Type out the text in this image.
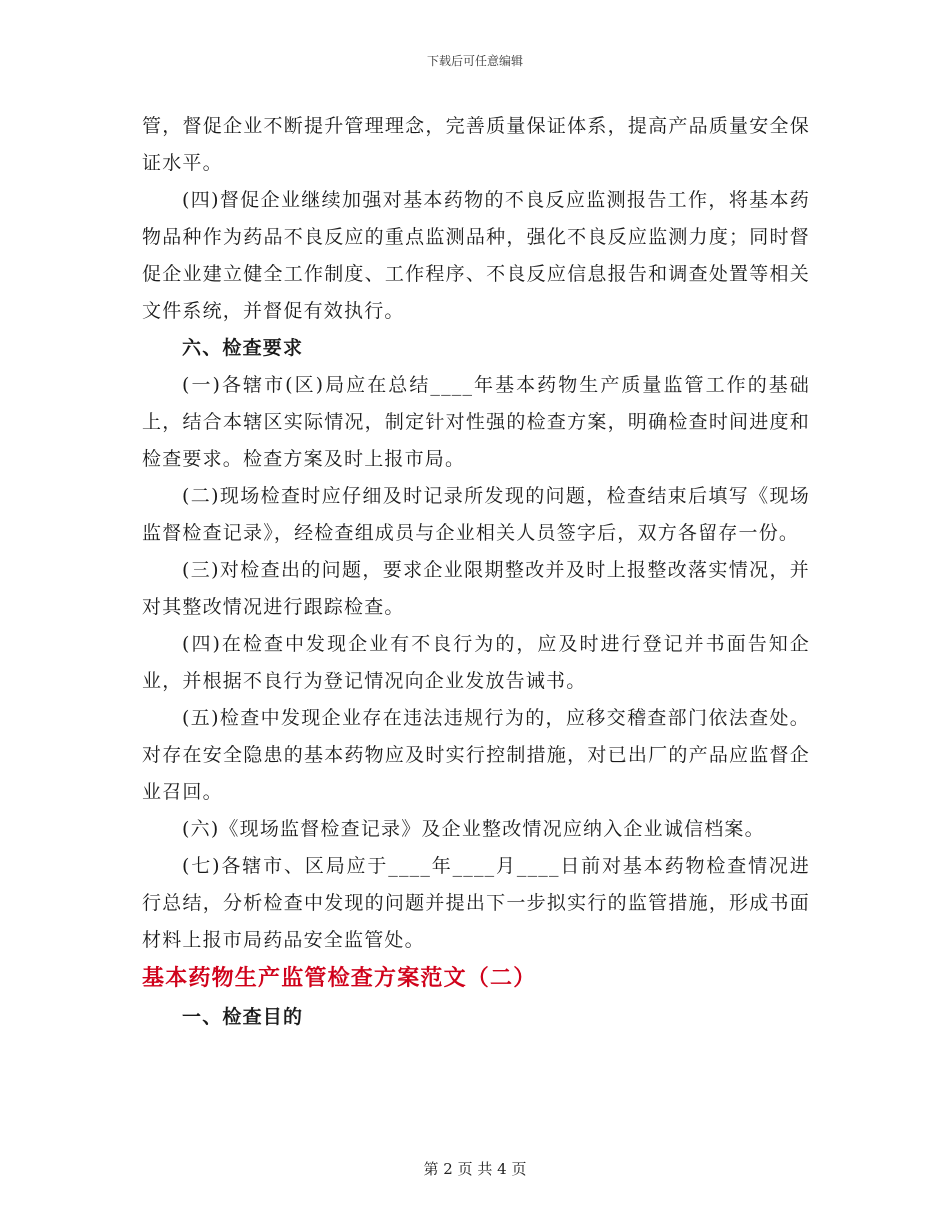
下载后可任意编辑

管，督促企业不断提升管理理念，完善质量保证体系，提高产品质量安全保证水平。

(四)督促企业继续加强对基本药物的不良反应监测报告工作，将基本药物品种作为药品不良反应的重点监测品种，强化不良反应监测力度；同时督促企业建立健全工作制度、工作程序、不良反应信息报告和调查处置等相关文件系统，并督促有效执行。

六、检查要求

(一)各辖市(区)局应在总结____年基本药物生产质量监管工作的基础上，结合本辖区实际情况，制定针对性强的检查方案，明确检查时间进度和检查要求。检查方案及时上报市局。

(二)现场检查时应仔细及时记录所发现的问题，检查结束后填写《现场监督检查记录》，经检查组成员与企业相关人员签字后，双方各留存一份。

(三)对检查出的问题，要求企业限期整改并及时上报整改落实情况，并对其整改情况进行跟踪检查。

(四)在检查中发现企业有不良行为的，应及时进行登记并书面告知企业，并根据不良行为登记情况向企业发放告诫书。

(五)检查中发现企业存在违法违规行为的，应移交稽查部门依法查处。对存在安全隐患的基本药物应及时实行控制措施，对已出厂的产品应监督企业召回。

(六)《现场监督检查记录》及企业整改情况应纳入企业诚信档案。

(七)各辖市、区局应于____年____月____日前对基本药物检查情况进行总结，分析检查中发现的问题并提出下一步拟实行的监管措施，形成书面材料上报市局药品安全监管处。

基本药物生产监管检查方案范文（二）

一、检查目的

第 2 页 共 4 页
